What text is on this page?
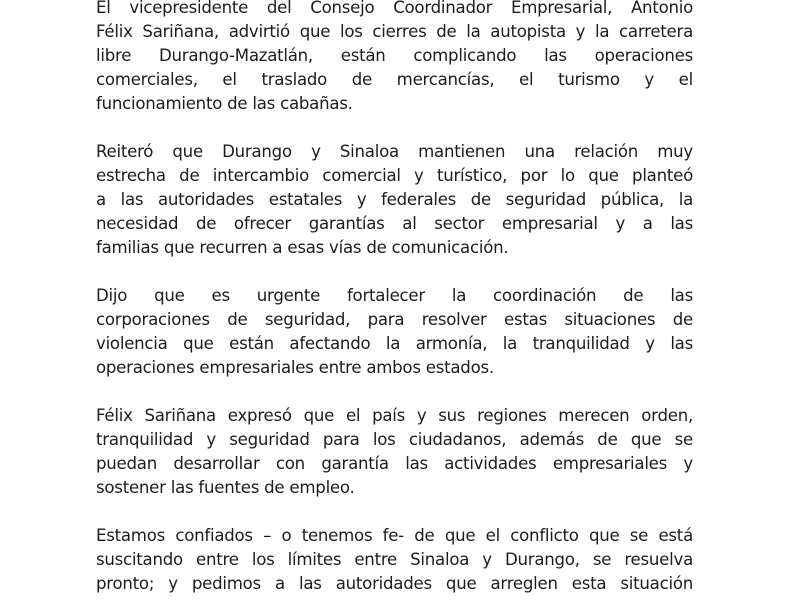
El vicepresidente del Consejo Coordinador Empresarial, Antonio
Félix Sariñana, advirtió que los cierres de la autopista y la carretera
libre Durango-Mazatlán, están complicando las operaciones
comerciales, el traslado de mercancías, el turismo y el
funcionamiento de las cabañas.
Reiteró que Durango y Sinaloa mantienen una relación muy
estrecha de intercambio comercial y turístico, por lo que planteó
a las autoridades estatales y federales de seguridad pública, la
necesidad de ofrecer garantías al sector empresarial y a las
familias que recurren a esas vías de comunicación.
Dijo que es urgente fortalecer la coordinación de las
corporaciones de seguridad, para resolver estas situaciones de
violencia que están afectando la armonía, la tranquilidad y las
operaciones empresariales entre ambos estados.
Félix Sariñana expresó que el país y sus regiones merecen orden,
tranquilidad y seguridad para los ciudadanos, además de que se
puedan desarrollar con garantía las actividades empresariales y
sostener las fuentes de empleo.
Estamos confiados – o tenemos fe- de que el conflicto que se está
suscitando entre los límites entre Sinaloa y Durango, se resuelva
pronto; y pedimos a las autoridades que arreglen esta situación
